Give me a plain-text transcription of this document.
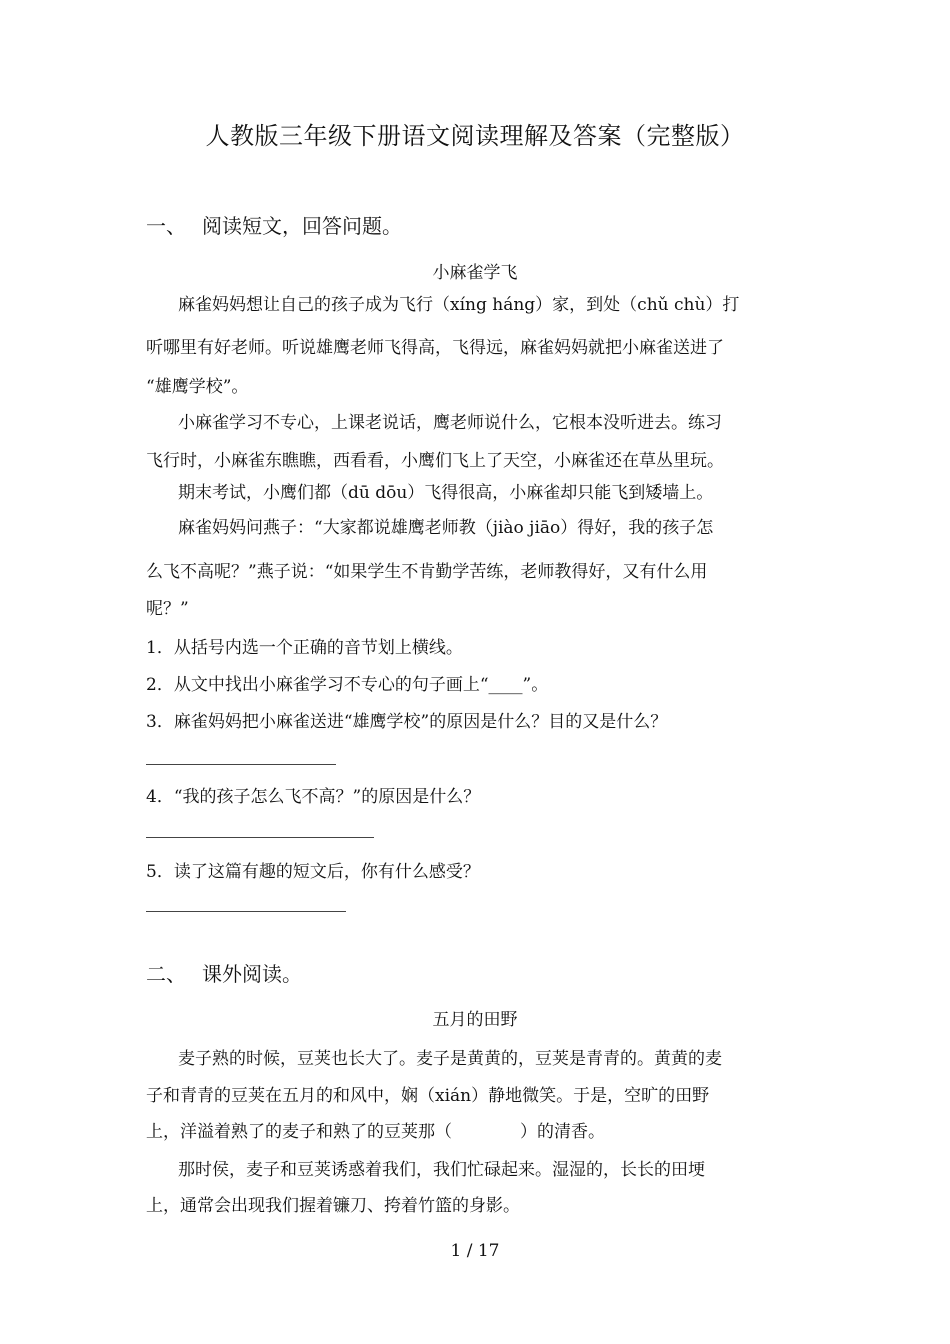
人教版三年级下册语文阅读理解及答案（完整版）
一、 阅读短文，回答问题。
小麻雀学飞
麻雀妈妈想让自己的孩子成为飞行（xíng háng）家，到处（chǔ chù）打
听哪里有好老师。听说雄鹰老师飞得高，飞得远，麻雀妈妈就把小麻雀送进了
“雄鹰学校”。
小麻雀学习不专心，上课老说话，鹰老师说什么，它根本没听进去。练习
飞行时，小麻雀东瞧瞧，西看看，小鹰们飞上了天空，小麻雀还在草丛里玩。
期末考试，小鹰们都（dū dōu）飞得很高，小麻雀却只能飞到矮墙上。
麻雀妈妈问燕子：“大家都说雄鹰老师教（jiào jiāo）得好，我的孩子怎
么飞不高呢？”燕子说：“如果学生不肯勤学苦练，老师教得好，又有什么用
呢？”
1．从括号内选一个正确的音节划上横线。
2．从文中找出小麻雀学习不专心的句子画上“____”。
3．麻雀妈妈把小麻雀送进“雄鹰学校”的原因是什么？目的又是什么？
4．“我的孩子怎么飞不高？”的原因是什么？
5．读了这篇有趣的短文后，你有什么感受？
二、 课外阅读。
五月的田野
麦子熟的时候，豆荚也长大了。麦子是黄黄的，豆荚是青青的。黄黄的麦
子和青青的豆荚在五月的和风中，娴（xián）静地微笑。于是，空旷的田野
上，洋溢着熟了的麦子和熟了的豆荚那（	）的清香。
那时侯，麦子和豆荚诱惑着我们，我们忙碌起来。湿湿的，长长的田埂
上，通常会出现我们握着镰刀、挎着竹篮的身影。
1 / 17
